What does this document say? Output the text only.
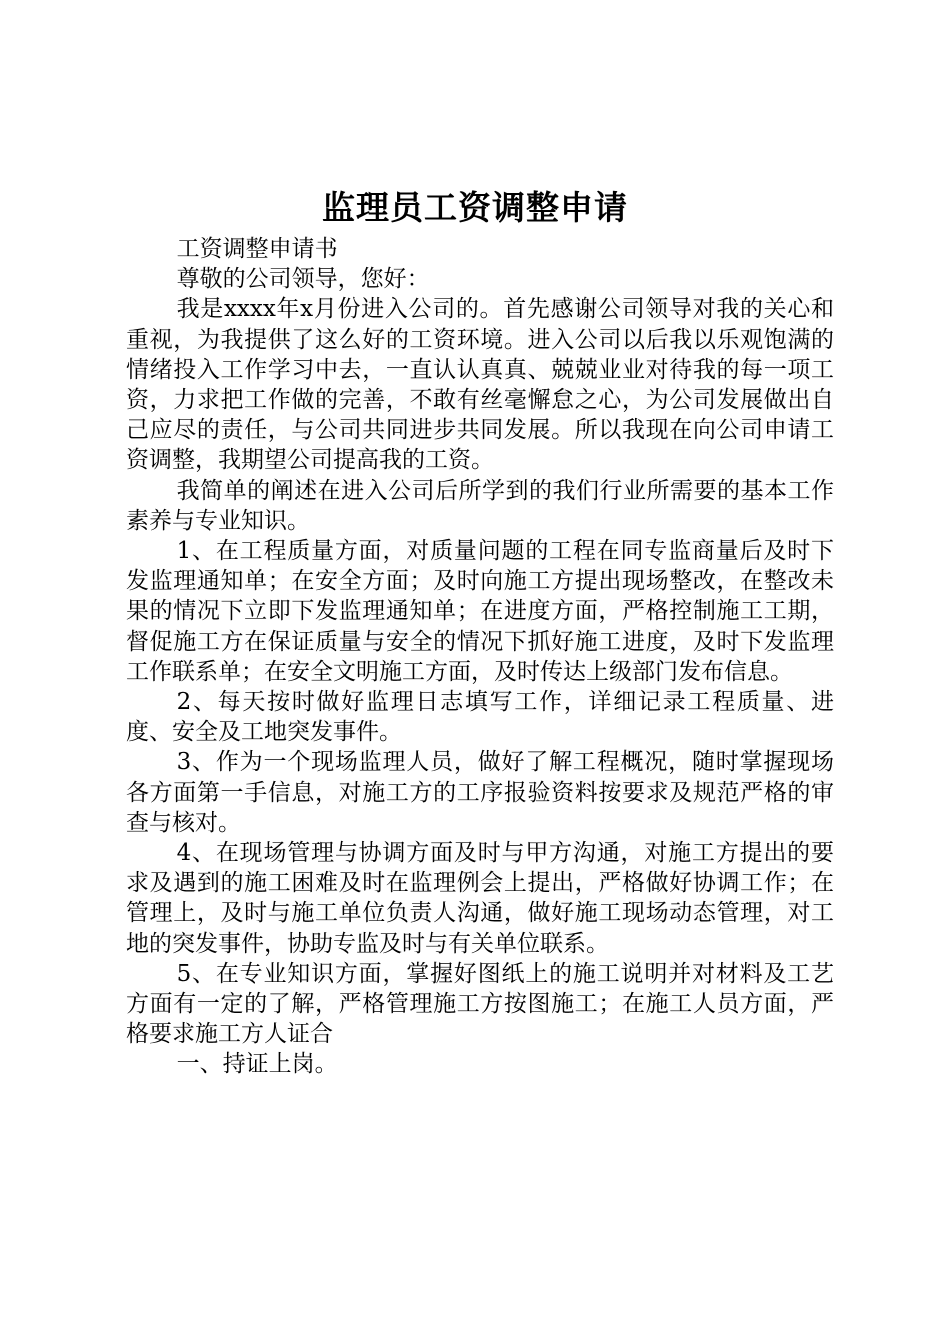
监理员工资调整申请

工资调整申请书

尊敬的公司领导，您好：

我是xxxx年x月份进入公司的。首先感谢公司领导对我的关心和重视，为我提供了这么好的工资环境。进入公司以后我以乐观饱满的情绪投入工作学习中去，一直认认真真、兢兢业业对待我的每一项工资，力求把工作做的完善，不敢有丝毫懈怠之心，为公司发展做出自己应尽的责任，与公司共同进步共同发展。所以我现在向公司申请工资调整，我期望公司提高我的工资。

我简单的阐述在进入公司后所学到的我们行业所需要的基本工作素养与专业知识。

1、在工程质量方面，对质量问题的工程在同专监商量后及时下发监理通知单；在安全方面；及时向施工方提出现场整改，在整改未果的情况下立即下发监理通知单；在进度方面，严格控制施工工期，督促施工方在保证质量与安全的情况下抓好施工进度，及时下发监理工作联系单；在安全文明施工方面，及时传达上级部门发布信息。

2、每天按时做好监理日志填写工作，详细记录工程质量、进度、安全及工地突发事件。

3、作为一个现场监理人员，做好了解工程概况，随时掌握现场各方面第一手信息，对施工方的工序报验资料按要求及规范严格的审查与核对。

4、在现场管理与协调方面及时与甲方沟通，对施工方提出的要求及遇到的施工困难及时在监理例会上提出，严格做好协调工作；在管理上，及时与施工单位负责人沟通，做好施工现场动态管理，对工地的突发事件，协助专监及时与有关单位联系。

5、在专业知识方面，掌握好图纸上的施工说明并对材料及工艺方面有一定的了解，严格管理施工方按图施工；在施工人员方面，严格要求施工方人证合

一、持证上岗。
